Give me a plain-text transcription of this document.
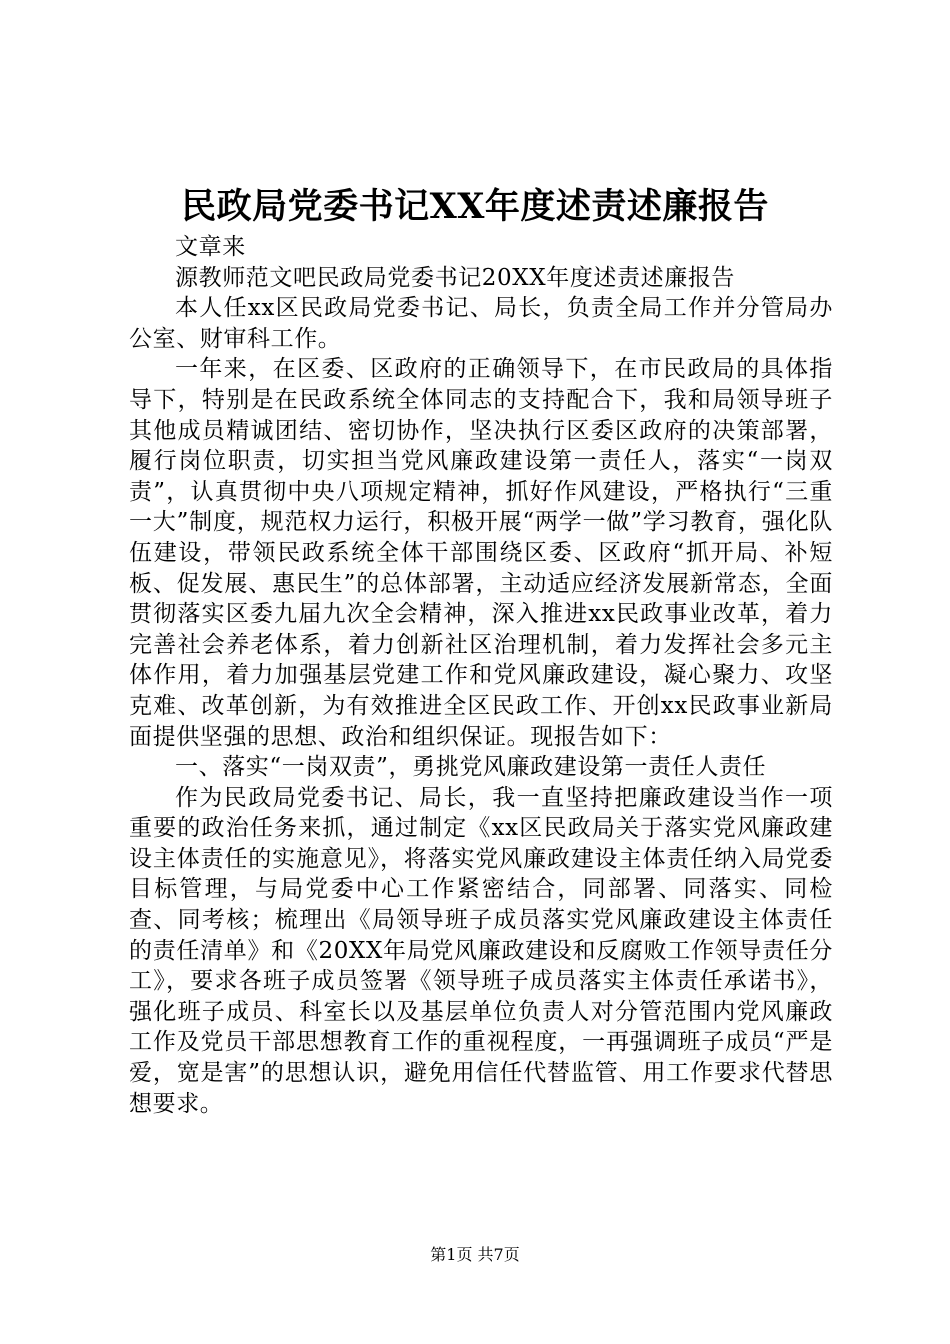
民政局党委书记XX年度述责述廉报告

文章来

源教师范文吧民政局党委书记20XX年度述责述廉报告

本人任xx区民政局党委书记、局长，负责全局工作并分管局办公室、财审科工作。

一年来，在区委、区政府的正确领导下，在市民政局的具体指导下，特别是在民政系统全体同志的支持配合下，我和局领导班子其他成员精诚团结、密切协作，坚决执行区委区政府的决策部署，履行岗位职责，切实担当党风廉政建设第一责任人，落实“一岗双责”，认真贯彻中央八项规定精神，抓好作风建设，严格执行“三重一大”制度，规范权力运行，积极开展“两学一做”学习教育，强化队伍建设，带领民政系统全体干部围绕区委、区政府“抓开局、补短板、促发展、惠民生”的总体部署，主动适应经济发展新常态，全面贯彻落实区委九届九次全会精神，深入推进xx民政事业改革，着力完善社会养老体系，着力创新社区治理机制，着力发挥社会多元主体作用，着力加强基层党建工作和党风廉政建设，凝心聚力、攻坚克难、改革创新，为有效推进全区民政工作、开创xx民政事业新局面提供坚强的思想、政治和组织保证。现报告如下：

一、落实“一岗双责”，勇挑党风廉政建设第一责任人责任

作为民政局党委书记、局长，我一直坚持把廉政建设当作一项重要的政治任务来抓，通过制定《xx区民政局关于落实党风廉政建设主体责任的实施意见》，将落实党风廉政建设主体责任纳入局党委目标管理，与局党委中心工作紧密结合，同部署、同落实、同检查、同考核；梳理出《局领导班子成员落实党风廉政建设主体责任的责任清单》和《20XX年局党风廉政建设和反腐败工作领导责任分工》，要求各班子成员签署《领导班子成员落实主体责任承诺书》，强化班子成员、科室长以及基层单位负责人对分管范围内党风廉政工作及党员干部思想教育工作的重视程度，一再强调班子成员“严是爱，宽是害”的思想认识，避免用信任代替监管、用工作要求代替思想要求。

第1页 共7页
